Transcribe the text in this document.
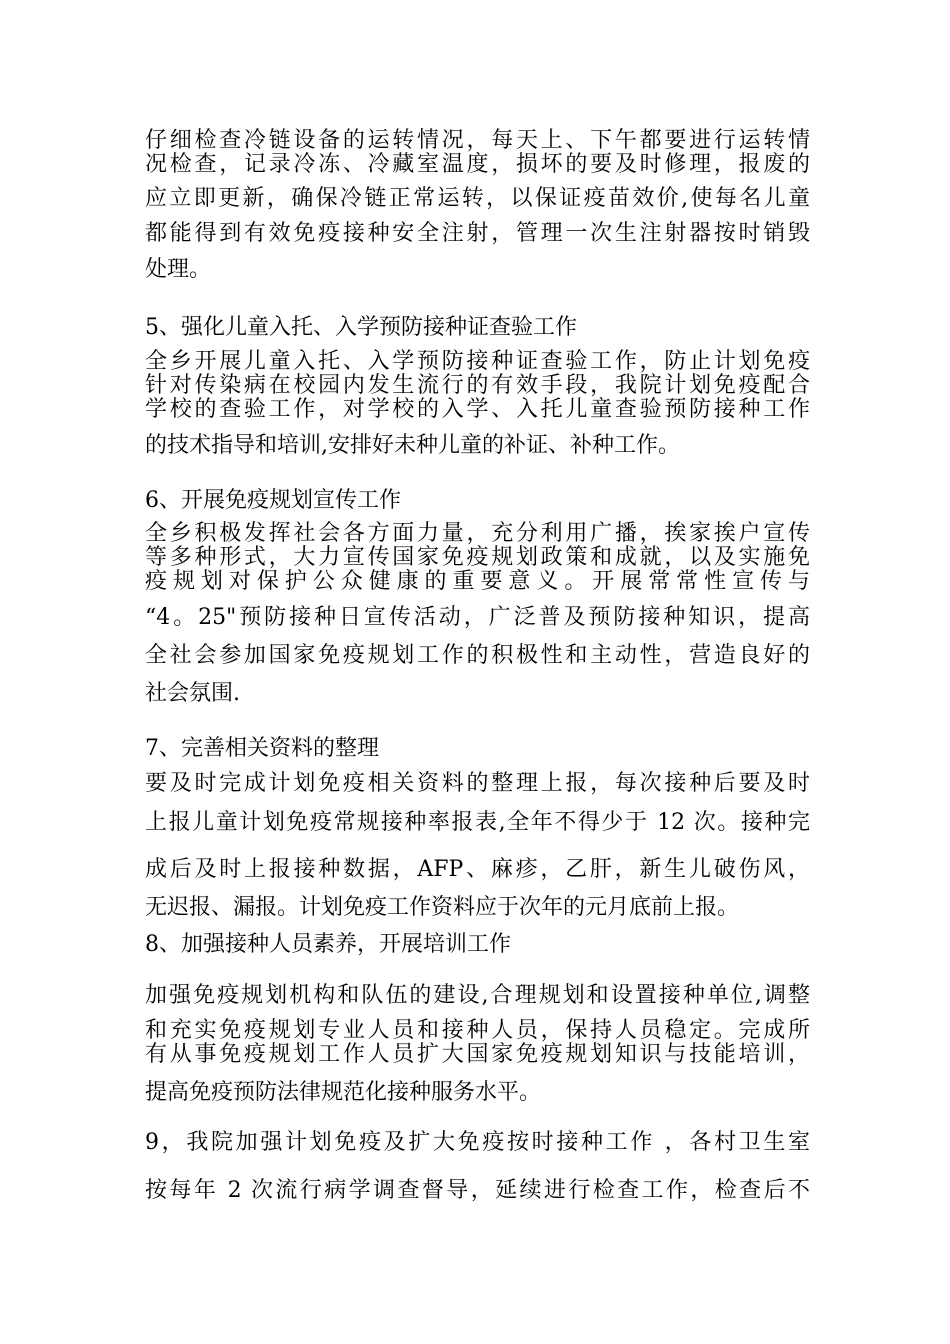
仔细检查冷链设备的运转情况，每天上、下午都要进行运转情
况检查，记录冷冻、冷藏室温度，损坏的要及时修理，报废的
应立即更新，确保冷链正常运转，以保证疫苗效价,使每名儿童
都能得到有效免疫接种安全注射，管理一次生注射器按时销毁
处理。
5、强化儿童入托、入学预防接种证查验工作
全乡开展儿童入托、入学预防接种证查验工作，防止计划免疫
针对传染病在校园内发生流行的有效手段，我院计划免疫配合
学校的查验工作，对学校的入学、入托儿童查验预防接种工作
的技术指导和培训,安排好未种儿童的补证、补种工作。
6、开展免疫规划宣传工作
全乡积极发挥社会各方面力量，充分利用广播，挨家挨户宣传
等多种形式，大力宣传国家免疫规划政策和成就，以及实施免
疫规划对保护公众健康的重要意义。开展常常性宣传与
“4。25"预防接种日宣传活动，广泛普及预防接种知识，提高
全社会参加国家免疫规划工作的积极性和主动性，营造良好的
社会氛围.
7、完善相关资料的整理
要及时完成计划免疫相关资料的整理上报，每次接种后要及时
上报儿童计划免疫常规接种率报表,全年不得少于 12 次。接种完
成后及时上报接种数据，AFP、麻疹，乙肝，新生儿破伤风，
无迟报、漏报。计划免疫工作资料应于次年的元月底前上报。
8、加强接种人员素养，开展培训工作
加强免疫规划机构和队伍的建设,合理规划和设置接种单位,调整
和充实免疫规划专业人员和接种人员，保持人员稳定。完成所
有从事免疫规划工作人员扩大国家免疫规划知识与技能培训，
提高免疫预防法律规范化接种服务水平。
9，我院加强计划免疫及扩大免疫按时接种工作 ，各村卫生室
按每年 2 次流行病学调查督导，延续进行检查工作，检查后不
